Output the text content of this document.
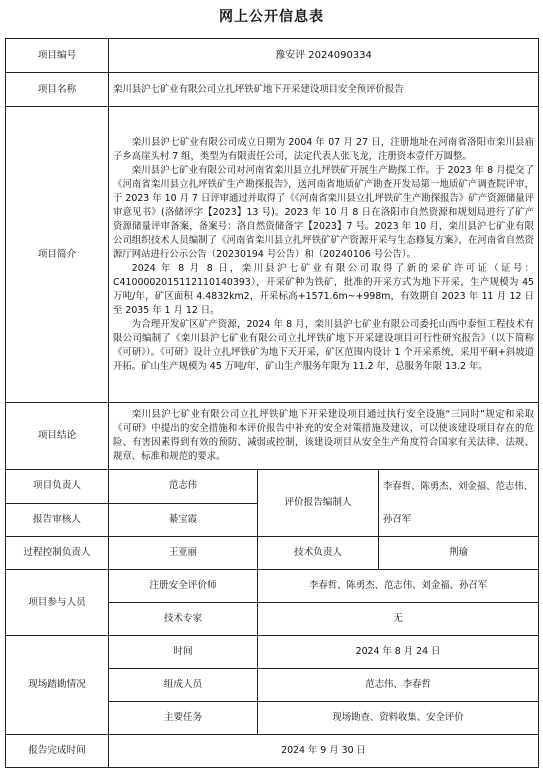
网上公开信息表
项目编号	豫安评 2024090334		
项目名称	栾川县沪七矿业有限公司立扎坪铁矿地下开采建设项目安全预评价报告		
项目简介	栾川县沪七矿业有限公司成立日期为 2004 年 07 月 27 日，注册地址在河南省洛阳市栾川县庙子乡高崖头村 7 组，类型为有限责任公司，法定代表人张飞龙，注册资本壹仟万圆整。

栾川县沪七矿业有限公司对河南省栾川县立扎坪铁矿开展生产勘探工作。于 2023 年 8 月提交了《河南省栾川县立扎坪铁矿生产勘探报告》，送河南省地质矿产勘查开发局第一地质矿产调查院评审，于 2023 年 10 月 7 日评审通过并取得了《《河南省栾川县立扎坪铁矿生产勘探报告》矿产资源储量评审意见书》(洛储评字【2023】13 号)。2023 年 10 月 8 日在洛阳市自然资源和规划局进行了矿产资源储量评审备案，备案号：洛自然资储备字【2023】7 号。2023 年 10 月，栾川县沪七矿业有限公司组织技术人员编制了《河南省栾川县立扎坪铁矿矿产资源开采与生态修复方案》，在河南省自然资源厅网站进行公示公告（20230194 号公告）和（20240106 号公告）。

2024 年 8 月 8 日，栾川县沪七矿业有限公司取得了新的采矿许可证（证号：C4100002015112110140393），开采矿种为铁矿，批准的开采方式为地下开采，生产规模为 45 万吨/年，矿区面积 4.4832km2，开采标高+1571.6m~+998m，有效期自 2023 年 11 月 12 日至 2035 年 1 月 12 日。

为合理开发矿区矿产资源，2024 年 8 月，栾川县沪七矿业有限公司委托山西中泰恒工程技术有限公司编制了《栾川县沪七矿业有限公司立扎坪铁矿地下开采建设项目可行性研究报告》（以下简称《可研》）。《可研》设计立扎坪铁矿为地下天开采，矿区范围内设计 1 个开采系统，采用平硐+斜坡道开拓。矿山生产规模为 45 万吨/年，矿山生产服务年限为 11.2 年，总服务年限 13.2 年。		

项目结论	栾川县沪七矿业有限公司立扎坪铁矿地下开采建设项目通过执行安全设施“三同时”规定和采取《可研》中提出的安全措施和本评价报告中补充的安全对策措施及建议，可以使该建设项目存在的危险、有害因素得到有效的预防、减弱或控制，该建设项目从安全生产角度符合国家有关法律、法规、规章、标准和规范的要求。		

项目负责人	范志伟	评价报告编制人	李春哲、陈勇杰、刘金福、范志伟、孙召军
报告审核人	綦宝霞		
过程控制负责人	王亚丽	技术负责人	荆瑜
项目参与人员	注册安全评价师	李春哲、陈勇杰、范志伟、刘金福、孙召军	
	技术专家	无	
现场踏勘情况	时间	2024 年 8 月 24 日	
	组成人员	范志伟、李春哲	
	主要任务	现场勘查、资料收集、安全评价	
报告完成时间	2024 年 9 月 30 日		
